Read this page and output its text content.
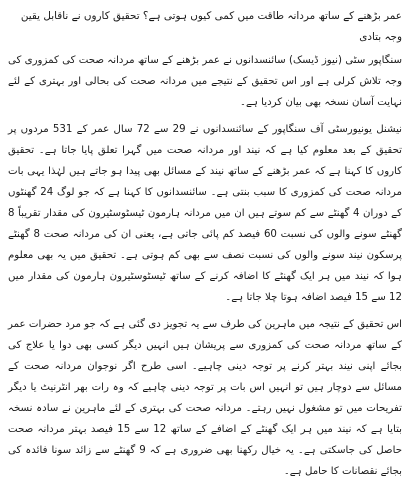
عمر بڑھنے کے ساتھ مردانہ طاقت میں کمی کیوں ہوتی ہے؟ تحقیق کاروں نے ناقابل یقین وجہ بتادی

سنگاپور سٹی (نیوز ڈیسک) سائنسدانوں نے عمر بڑھنے کے ساتھ مردانہ صحت کی کمزوری کی وجہ تلاش کرلی ہے اور اس تحقیق کے نتیجے میں مردانہ صحت کی بحالی اور بہتری کے لئے نہایت آسان نسخہ بھی بیان کردیا ہے۔

نیشنل یونیورسٹی آف سنگاپور کے سائنسدانوں نے 29 سے 72 سال عمر کے 531 مردوں پر تحقیق کے بعد معلوم کیا ہے کہ نیند اور مردانہ صحت میں گہرا تعلق پایا جاتا ہے۔ تحقیق کاروں کا کہنا ہے کہ عمر بڑھنے کے ساتھ نیند کے مسائل بھی پیدا ہو جاتے ہیں لہٰذا یہی بات مردانہ صحت کی کمزوری کا سبب بنتی ہے۔ سائنسدانوں کا کہنا ہے کہ جو لوگ 24 گھنٹوں کے دوران 4 گھنٹے سے کم سوتے ہیں ان میں مردانہ ہارمون ٹیسٹوسٹیرون کی مقدار تقریباً 8 گھنٹے سونے والوں کی نسبت 60 فیصد کم پائی جاتی ہے، یعنی ان کی مردانہ صحت 8 گھنٹے پرسکون نیند سونے والوں کی نسبت نصف سے بھی کم ہوتی ہے۔ تحقیق میں یہ بھی معلوم ہوا کہ نیند میں ہر ایک گھنٹے کا اضافہ کرنے کے ساتھ ٹیسٹوسٹیرون ہارمون کی مقدار میں 12 سے 15 فیصد اضافہ ہوتا چلا جاتا ہے۔

اس تحقیق کے نتیجہ میں ماہرین کی طرف سے یہ تجویز دی گئی ہے کہ جو مرد حضرات عمر کے ساتھ مردانہ صحت کی کمزوری سے پریشان ہیں انہیں دیگر کسی بھی دوا یا علاج کی بجائے اپنی نیند بہتر کرنے پر توجہ دینی چاہیے۔ اسی طرح اگر نوجوان مردانہ صحت کے مسائل سے دوچار ہیں تو انہیں اس بات پر توجہ دینی چاہیے کہ وہ رات بھر انٹرنیٹ یا دیگر تفریحات میں تو مشغول نہیں رہتے۔ مردانہ صحت کی بہتری کے لئے ماہرین نے سادہ نسخہ بتایا ہے کہ نیند میں ہر ایک گھنٹے کے اضافے کے ساتھ 12 سے 15 فیصد بہتر مردانہ صحت حاصل کی جاسکتی ہے۔ یہ خیال رکھنا بھی ضروری ہے کہ 9 گھنٹے سے زائد سونا فائدہ کی بجائے نقصانات کا حامل ہے۔
